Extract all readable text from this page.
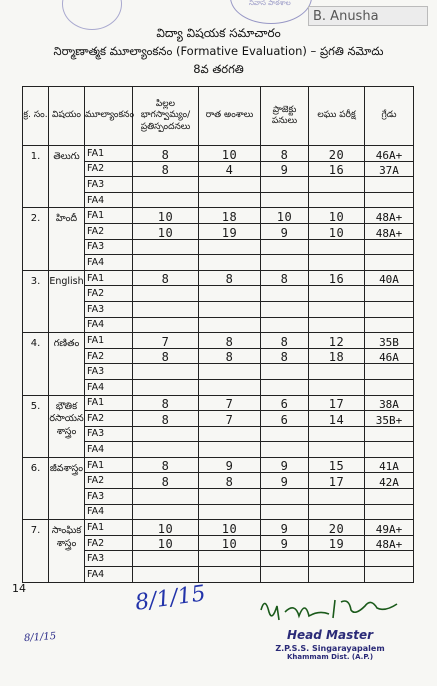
నివాస పాఠశాల
B. Anusha
విద్యా విషయక సమాచారం
నిర్మాణాత్మక మూల్యాంకనం (Formative Evaluation) – ప్రగతి నమోదు
8వ తరగతి
క్ర. సం.	విషయం	మూల్యాంకనం	పిల్లల భాగస్వామ్యం/ ప్రతిస్పందనలు	రాత అంశాలు	ప్రాజెక్టు పనులు	లఘు పరీక్ష	గ్రేడు
1.	తెలుగు	FA1	8	10	8	20	46A+
		FA2	8	4	9	16	37A
		FA3					
		FA4					
2.	హిందీ	FA1	10	18	10	10	48A+
		FA2	10	19	9	10	48A+
		FA3					
		FA4					
3.	English	FA1	8	8	8	16	40A
		FA2					
		FA3					
		FA4					
4.	గణితం	FA1	7	8	8	12	35B
		FA2	8	8	8	18	46A
		FA3					
		FA4					
5.	భౌతిక రసాయన శాస్త్రం	FA1	8	7	6	17	38A
		FA2	8	7	6	14	35B+
		FA3					
		FA4					
6.	జీవశాస్త్రం	FA1	8	9	9	15	41A
		FA2	8	8	9	17	42A
		FA3					
		FA4					
7.	సాంఘిక శాస్త్రం	FA1	10	10	9	20	49A+
		FA2	10	10	9	19	48A+
		FA3					
		FA4					
14	8/1/15
8/1/15	Head Master
Z.P.S.S. Singarayapalem
Khammam Dist. (A.P.)
